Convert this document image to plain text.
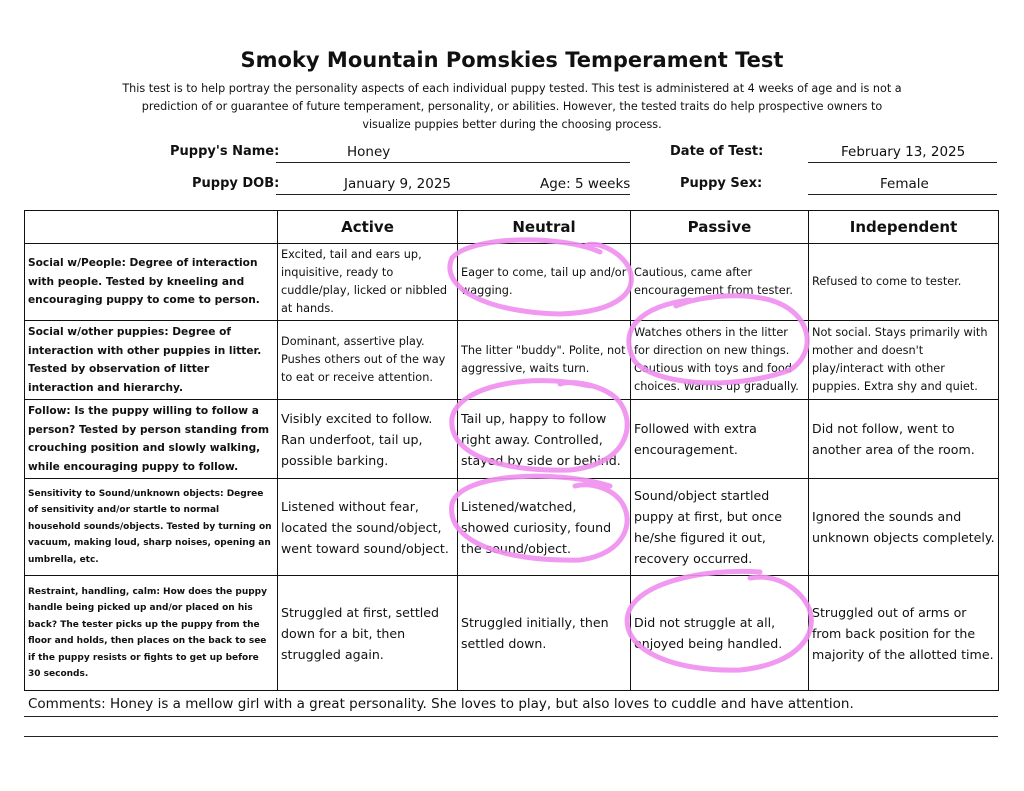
Smoky Mountain Pomskies Temperament Test
This test is to help portray the personality aspects of each individual puppy tested. This test is administered at 4 weeks of age and is not a prediction of or guarantee of future temperament, personality, or abilities. However, the tested traits do help prospective owners to visualize puppies better during the choosing process.
Puppy's Name:	Honey	Date of Test:	February 13, 2025
Puppy DOB:	January 9, 2025	Age: 5 weeks	Puppy Sex:	Female
	Active	Neutral	Passive	Independent
Social w/People: Degree of interaction with people. Tested by kneeling and encouraging puppy to come to person.	Excited, tail and ears up, inquisitive, ready to cuddle/play, licked or nibbled at hands.	Eager to come, tail up and/or wagging.	Cautious, came after encouragement from tester.	Refused to come to tester.
Social w/other puppies: Degree of interaction with other puppies in litter. Tested by observation of litter interaction and hierarchy.	Dominant, assertive play. Pushes others out of the way to eat or receive attention.	The litter "buddy". Polite, not aggressive, waits turn.	Watches others in the litter for direction on new things. Cautious with toys and food choices. Warms up gradually.	Not social. Stays primarily with mother and doesn't play/interact with other puppies. Extra shy and quiet.
Follow: Is the puppy willing to follow a person? Tested by person standing from crouching position and slowly walking, while encouraging puppy to follow.	Visibly excited to follow. Ran underfoot, tail up, possible barking.	Tail up, happy to follow right away. Controlled, stayed by side or behind.	Followed with extra encouragement.	Did not follow, went to another area of the room.
Sensitivity to Sound/unknown objects: Degree of sensitivity and/or startle to normal household sounds/objects. Tested by turning on vacuum, making loud, sharp noises, opening an umbrella, etc.	Listened without fear, located the sound/object, went toward sound/object.	Listened/watched, showed curiosity, found the sound/object.	Sound/object startled puppy at first, but once he/she figured it out, recovery occurred.	Ignored the sounds and unknown objects completely.
Restraint, handling, calm: How does the puppy handle being picked up and/or placed on his back? The tester picks up the puppy from the floor and holds, then places on the back to see if the puppy resists or fights to get up before 30 seconds.	Struggled at first, settled down for a bit, then struggled again.	Struggled initially, then settled down.	Did not struggle at all, enjoyed being handled.	Struggled out of arms or from back position for the majority of the allotted time.
Comments: Honey is a mellow girl with a great personality. She loves to play, but also loves to cuddle and have attention.
